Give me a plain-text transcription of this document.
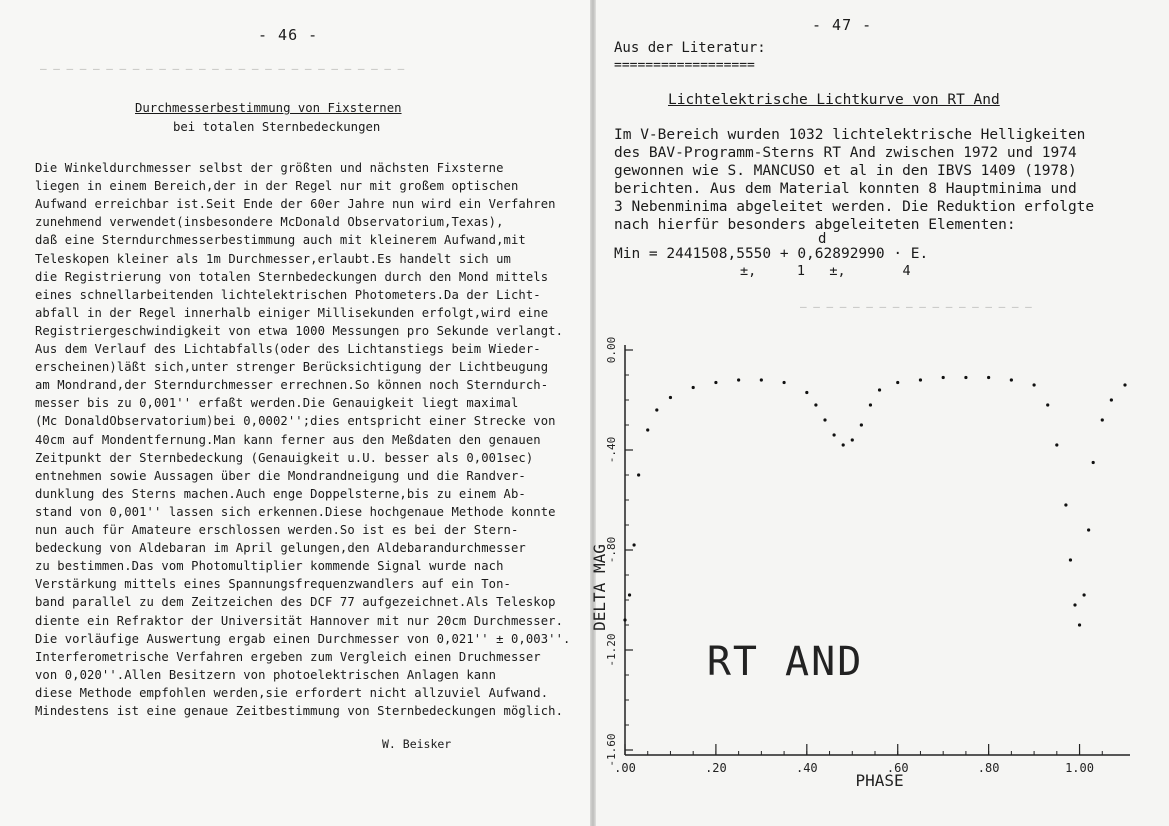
– – – – – – – – – – – – – – – – – – – – – – – – – – – –
– – – – – – – – – – – – – – – – – –
- 46 -
Durchmesserbestimmung von Fixsternen
bei totalen Sternbedeckungen
Die Winkeldurchmesser selbst der größten und nächsten Fixsterne
liegen in einem Bereich,der in der Regel nur mit großem optischen
Aufwand erreichbar ist.Seit Ende der 60er Jahre nun wird ein Verfahren
zunehmend verwendet(insbesondere McDonald Observatorium,Texas),
daß eine Sterndurchmesserbestimmung auch mit kleinerem Aufwand,mit
Teleskopen kleiner als 1m Durchmesser,erlaubt.Es handelt sich um
die Registrierung von totalen Sternbedeckungen durch den Mond mittels
eines schnellarbeitenden lichtelektrischen Photometers.Da der Licht-
abfall in der Regel innerhalb einiger Millisekunden erfolgt,wird eine
Registriergeschwindigkeit von etwa 1000 Messungen pro Sekunde verlangt.
Aus dem Verlauf des Lichtabfalls(oder des Lichtanstiegs beim Wieder-
erscheinen)läßt sich,unter strenger Berücksichtigung der Lichtbeugung
am Mondrand,der Sterndurchmesser errechnen.So können noch Sterndurch-
messer bis zu 0,001'' erfaßt werden.Die Genauigkeit liegt maximal
(Mc DonaldObservatorium)bei 0,0002'';dies entspricht einer Strecke von
40cm auf Mondentfernung.Man kann ferner aus den Meßdaten den genauen
Zeitpunkt der Sternbedeckung (Genauigkeit u.U. besser als 0,001sec)
entnehmen sowie Aussagen über die Mondrandneigung und die Randver-
dunklung des Sterns machen.Auch enge Doppelsterne,bis zu einem Ab-
stand von 0,001'' lassen sich erkennen.Diese hochgenaue Methode konnte
nun auch für Amateure erschlossen werden.So ist es bei der Stern-
bedeckung von Aldebaran im April gelungen,den Aldebarandurchmesser
zu bestimmen.Das vom Photomultiplier kommende Signal wurde nach
Verstärkung mittels eines Spannungsfrequenzwandlers auf ein Ton-
band parallel zu dem Zeitzeichen des DCF 77 aufgezeichnet.Als Teleskop
diente ein Refraktor der Universität Hannover mit nur 20cm Durchmesser.
Die vorläufige Auswertung ergab einen Durchmesser von 0,021'' ± 0,003''.
Interferometrische Verfahren ergeben zum Vergleich einen Druchmesser
von 0,020''.Allen Besitzern von photoelektrischen Anlagen kann
diese Methode empfohlen werden,sie erfordert nicht allzuviel Aufwand.
Mindestens ist eine genaue Zeitbestimmung von Sternbedeckungen möglich.
W. Beisker
- 47 -
Aus der Literatur:
==================
Lichtelektrische Lichtkurve von RT And
Im V-Bereich wurden 1032 lichtelektrische Helligkeiten
des BAV-Programm-Sterns RT And zwischen 1972 und 1974
gewonnen wie S. MANCUSO et al in den IBVS 1409 (1978)
berichten. Aus dem Material konnten 8 Hauptminima und
3 Nebenminima abgeleitet werden. Die Reduktion erfolgte
nach hierfür besonders abgeleiteten Elementen:
d
Min = 2441508,5550 + 0,62892990 · E.
±,     1   ±,       4
0.00
-.40
-.80
-1.20
-1.60
.00	.20	.40	.60	.80	1.00
PHASE
DELTA MAG
RT AND
